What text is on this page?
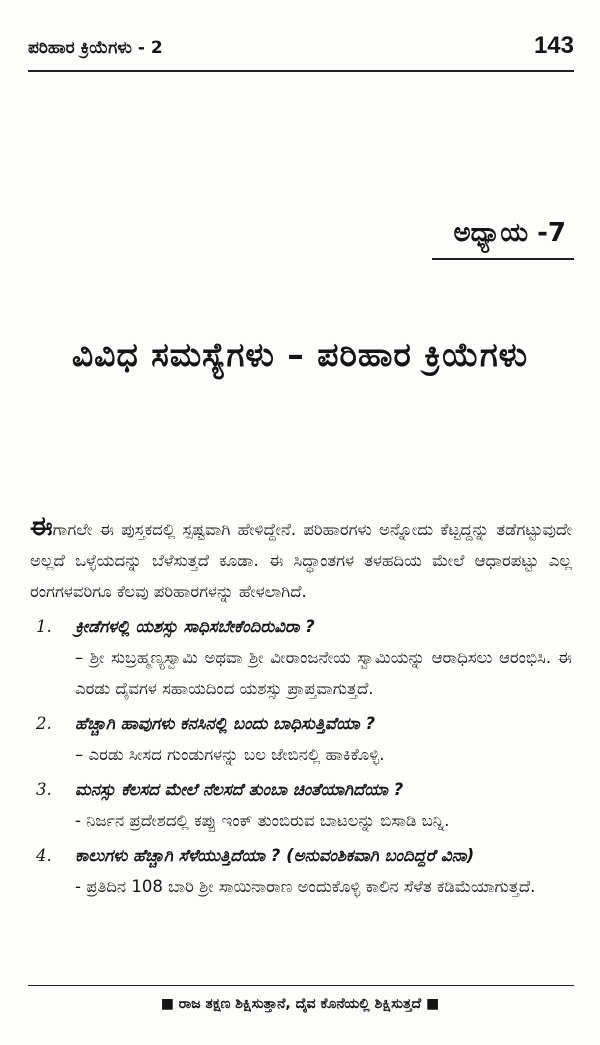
ಪರಿಹಾರ ಕ್ರಿಯೆಗಳು - 2	143
ಅಧ್ಯಾಯ -7
ವಿವಿಧ ಸಮಸ್ಯೆಗಳು – ಪರಿಹಾರ ಕ್ರಿಯೆಗಳು

ಈಗಾಗಲೇ ಈ ಪುಸ್ತಕದಲ್ಲಿ ಸ್ಪಷ್ಟವಾಗಿ ಹೇಳಿದ್ದೇನೆ. ಪರಿಹಾರಗಳು ಅನ್ನೋದು ಕೆಟ್ಟದ್ದನ್ನು ತಡೆಗಟ್ಟುವುದೇ ಅಲ್ಲದೆ ಒಳ್ಳೆಯದನ್ನು ಬೆಳೆಸುತ್ತದೆ ಕೂಡಾ. ಈ ಸಿದ್ಧಾಂತಗಳ ತಳಹದಿಯ ಮೇಲೆ ಆಧಾರಪಟ್ಟು ಎಲ್ಲ ರಂಗಗಳವರಿಗೂ ಕೆಲವು ಪರಿಹಾರಗಳನ್ನು ಹೇಳಲಾಗಿದೆ.

1. ಕ್ರೀಡೆಗಳಲ್ಲಿ ಯಶಸ್ಸು ಸಾಧಿಸಬೇಕೆಂದಿರುವಿರಾ ?
– ಶ್ರೀ ಸುಬ್ರಹ್ಮಣ್ಯಸ್ವಾಮಿ ಅಥವಾ ಶ್ರೀ ವೀರಾಂಜನೇಯ ಸ್ವಾಮಿಯನ್ನು ಆರಾಧಿಸಲು ಆರಂಭಿಸಿ. ಈ ಎರಡು ದೈವಗಳ ಸಹಾಯದಿಂದ ಯಶಸ್ಸು ಪ್ರಾಪ್ತವಾಗುತ್ತದೆ.
2. ಹೆಚ್ಚಾಗಿ ಹಾವುಗಳು ಕನಸಿನಲ್ಲಿ ಬಂದು ಬಾಧಿಸುತ್ತಿವೆಯಾ ?
– ಎರಡು ಸೀಸದ ಗುಂಡುಗಳನ್ನು ಬಲ ಜೇಬಿನಲ್ಲಿ ಹಾಕಿಕೊಳ್ಳಿ.
3. ಮನಸ್ಸು ಕೆಲಸದ ಮೇಲೆ ನೆಲಸದೆ ತುಂಬಾ ಚಿಂತೆಯಾಗಿದೆಯಾ ?
- ನಿರ್ಜನ ಪ್ರದೇಶದಲ್ಲಿ ಕಪ್ಪು ಇಂಕ್ ತುಂಬಿರುವ ಬಾಟಲನ್ನು ಬಿಸಾಡಿ ಬನ್ನಿ.
4. ಕಾಲುಗಳು ಹೆಚ್ಚಾಗಿ ಸೆಳೆಯುತ್ತಿದೆಯಾ ? (ಅನುವಂಶಿಕವಾಗಿ ಬಂದಿದ್ದರೆ ವಿನಾ)
- ಪ್ರತಿದಿನ 108 ಬಾರಿ ಶ್ರೀ ಸಾಯಿನಾರಾಣ ಅಂದುಕೊಳ್ಳಿ ಕಾಲಿನ ಸೆಳೆತ ಕಡಿಮೆಯಾಗುತ್ತದೆ.
■ ರಾಜ ತಕ್ಷಣ ಶಿಕ್ಷಿಸುತ್ತಾನೆ, ದೈವ ಕೊನೆಯಲ್ಲಿ ಶಿಕ್ಷಿಸುತ್ತದೆ ■
